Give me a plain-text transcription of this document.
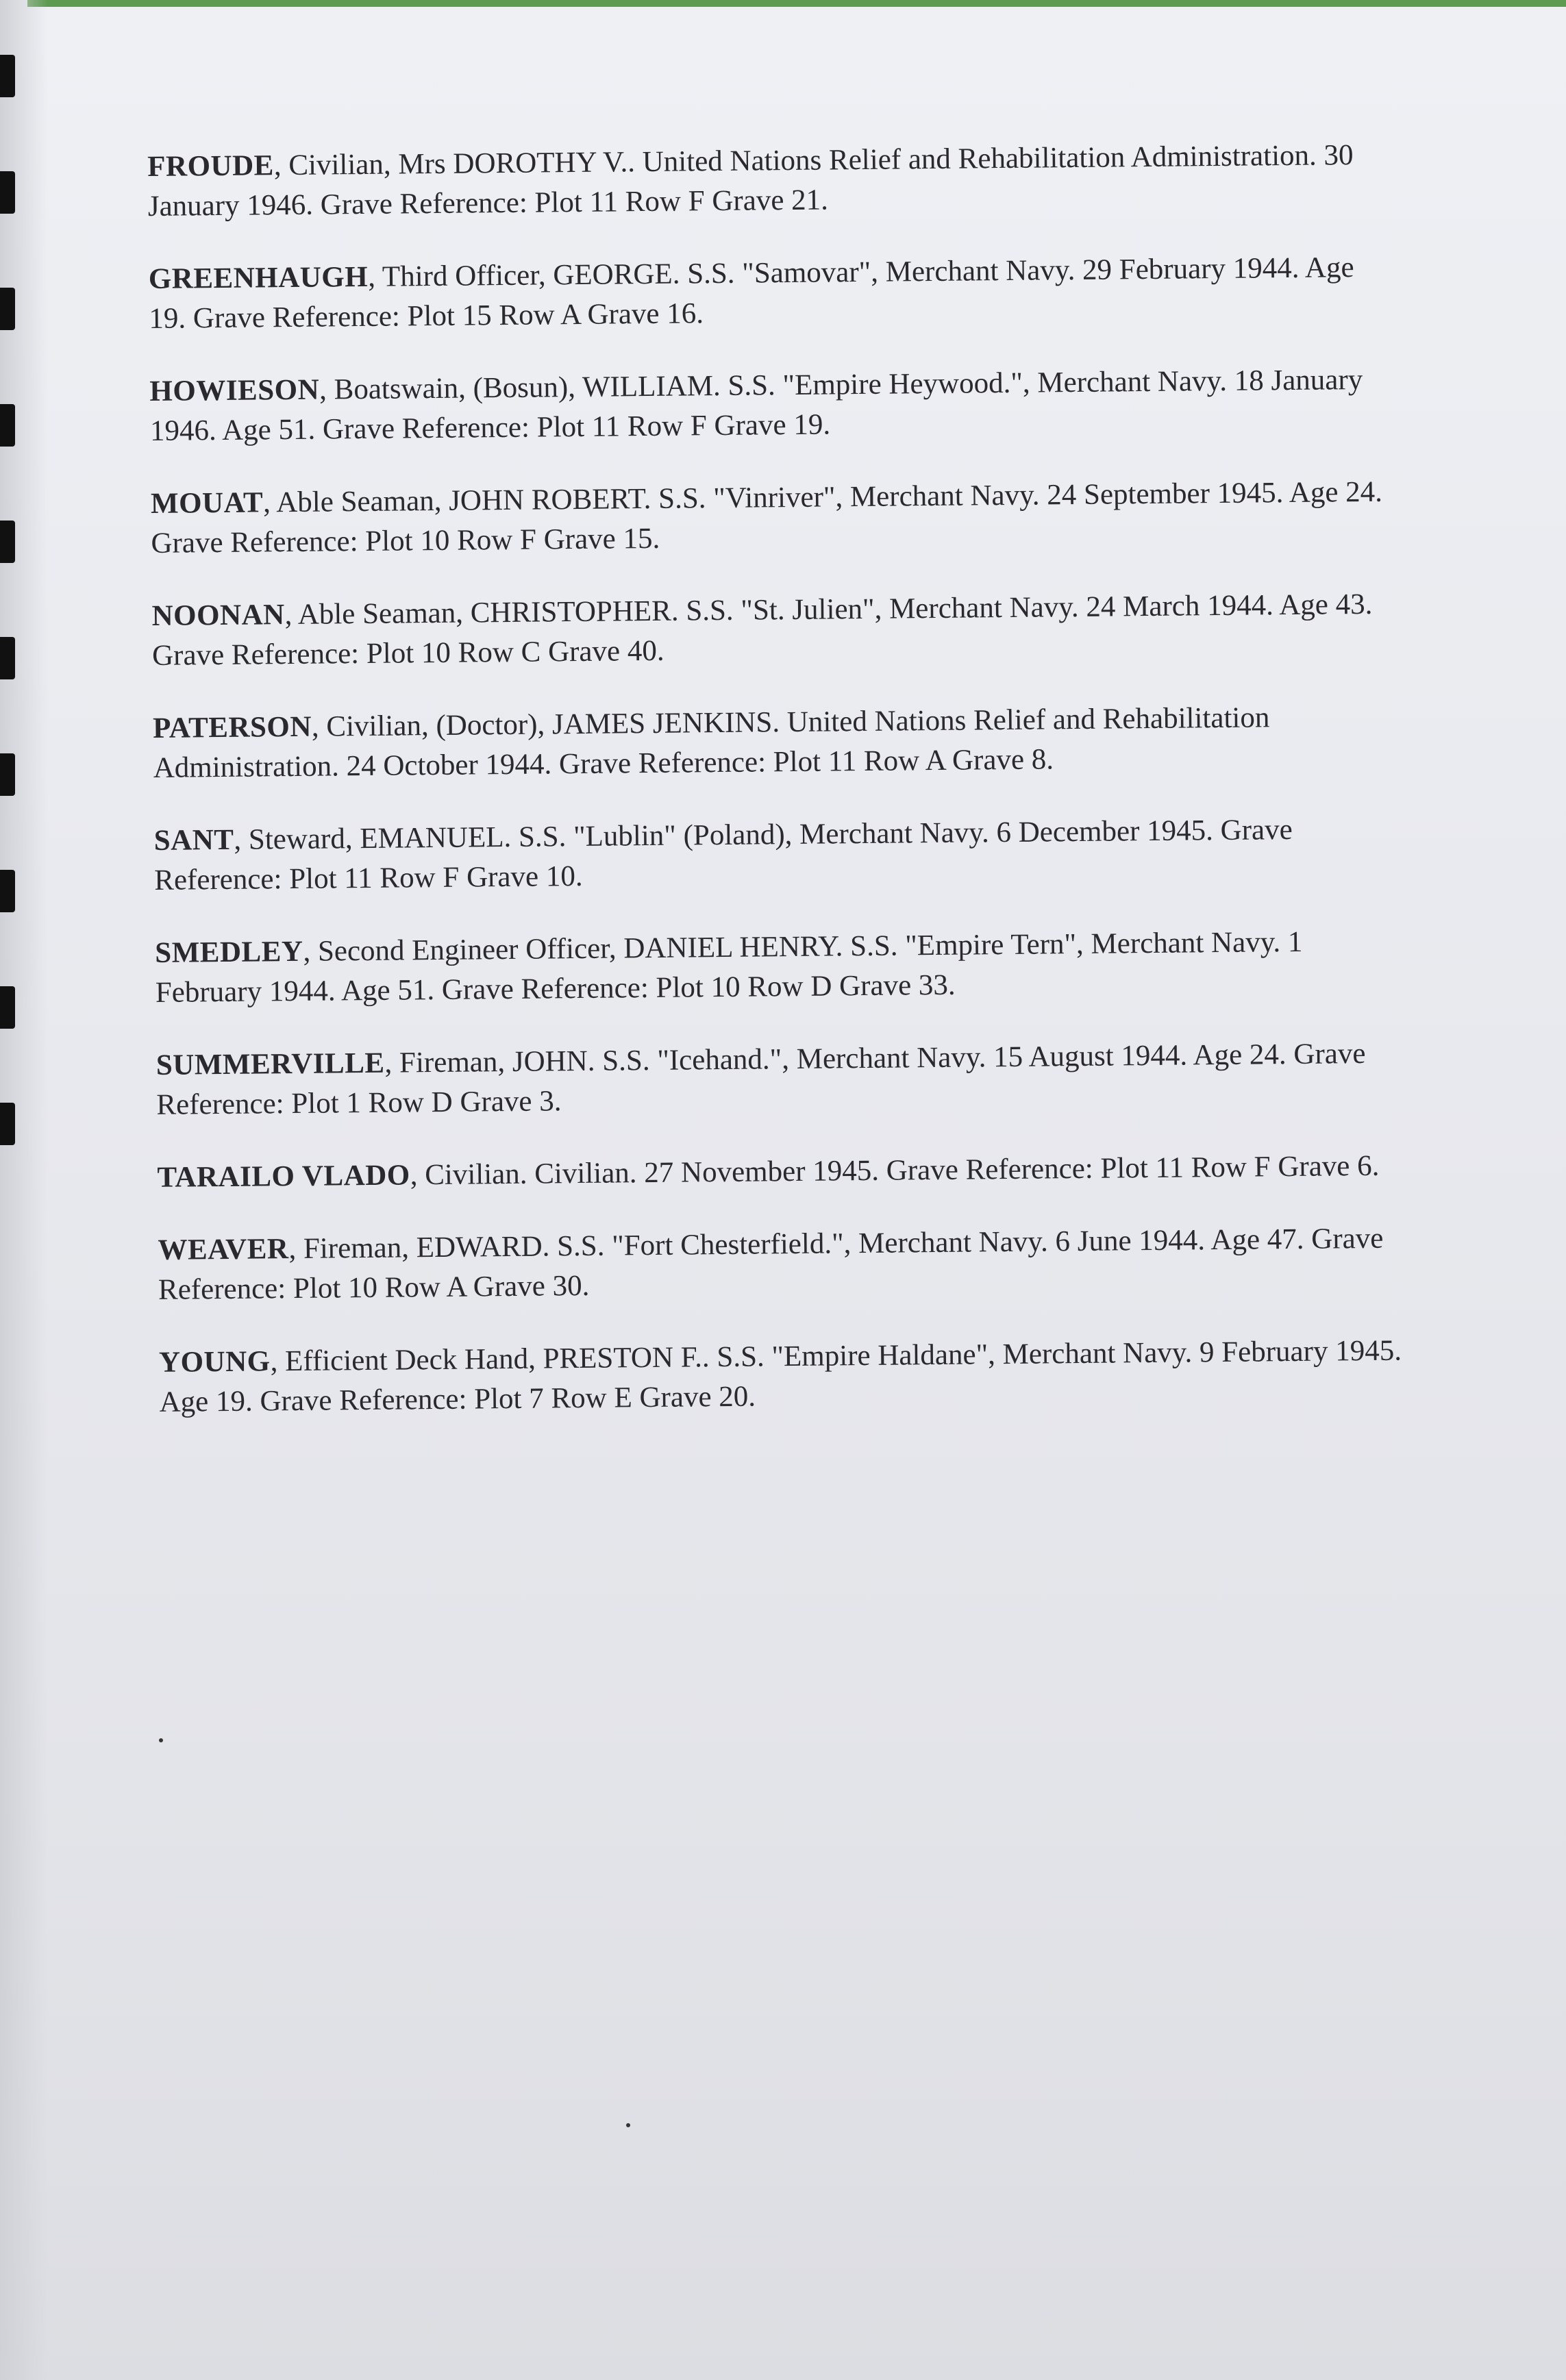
FROUDE, Civilian, Mrs DOROTHY V.. United Nations Relief and Rehabilitation Administration. 30 January 1946. Grave Reference: Plot 11 Row F Grave 21.

GREENHAUGH, Third Officer, GEORGE. S.S. "Samovar", Merchant Navy. 29 February 1944. Age 19. Grave Reference: Plot 15 Row A Grave 16.

HOWIESON, Boatswain, (Bosun), WILLIAM. S.S. "Empire Heywood.", Merchant Navy. 18 January 1946. Age 51. Grave Reference: Plot 11 Row F Grave 19.

MOUAT, Able Seaman, JOHN ROBERT. S.S. "Vinriver", Merchant Navy. 24 September 1945. Age 24. Grave Reference: Plot 10 Row F Grave 15.

NOONAN, Able Seaman, CHRISTOPHER. S.S. "St. Julien", Merchant Navy. 24 March 1944. Age 43. Grave Reference: Plot 10 Row C Grave 40.

PATERSON, Civilian, (Doctor), JAMES JENKINS. United Nations Relief and Rehabilitation Administration. 24 October 1944. Grave Reference: Plot 11 Row A Grave 8.

SANT, Steward, EMANUEL. S.S. "Lublin" (Poland), Merchant Navy. 6 December 1945. Grave Reference: Plot 11 Row F Grave 10.

SMEDLEY, Second Engineer Officer, DANIEL HENRY. S.S. "Empire Tern", Merchant Navy. 1 February 1944. Age 51. Grave Reference: Plot 10 Row D Grave 33.

SUMMERVILLE, Fireman, JOHN. S.S. "Icehand.", Merchant Navy. 15 August 1944. Age 24. Grave Reference: Plot 1 Row D Grave 3.

TARAILO VLADO, Civilian. Civilian. 27 November 1945. Grave Reference: Plot 11 Row F Grave 6.

WEAVER, Fireman, EDWARD. S.S. "Fort Chesterfield.", Merchant Navy. 6 June 1944. Age 47. Grave Reference: Plot 10 Row A Grave 30.

YOUNG, Efficient Deck Hand, PRESTON F.. S.S. "Empire Haldane", Merchant Navy. 9 February 1945. Age 19. Grave Reference: Plot 7 Row E Grave 20.
